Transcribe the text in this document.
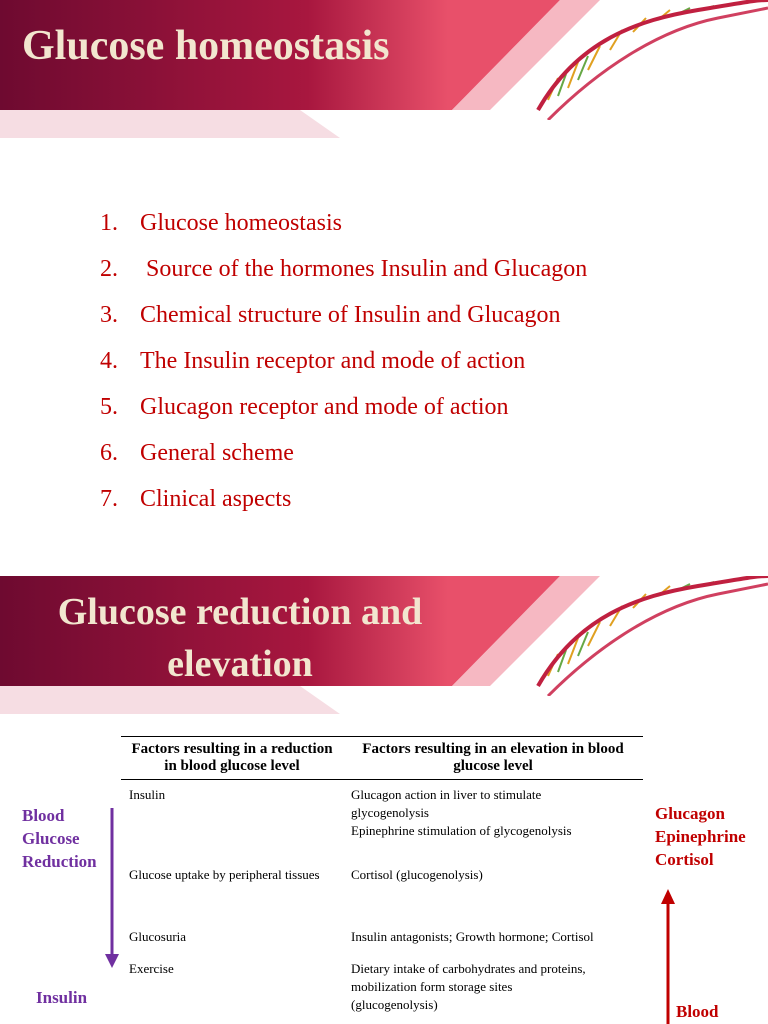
Glucose homeostasis
1. Glucose homeostasis
2. Source of the hormones Insulin and Glucagon
3. Chemical structure of Insulin and Glucagon
4. The Insulin receptor and mode of action
5. Glucagon receptor and mode of action
6. General scheme
7. Clinical aspects
Glucose reduction and
elevation
Factors resulting in a reduction in blood glucose level	Factors resulting in an elevation in blood glucose level
Insulin	Glucagon action in liver to stimulate
glycogenolysis
Epinephrine stimulation of glycogenolysis

Glucose uptake by peripheral tissues	Cortisol (glucogenolysis)

Glucosuria	Insulin antagonists; Growth hormone; Cortisol

Exercise	Dietary intake of carbohydrates and proteins,
mobilization form storage sites
(glucogenolysis)
Blood
Glucose
Reduction
Insulin
Glucagon
Epinephrine
Cortisol
Blood
